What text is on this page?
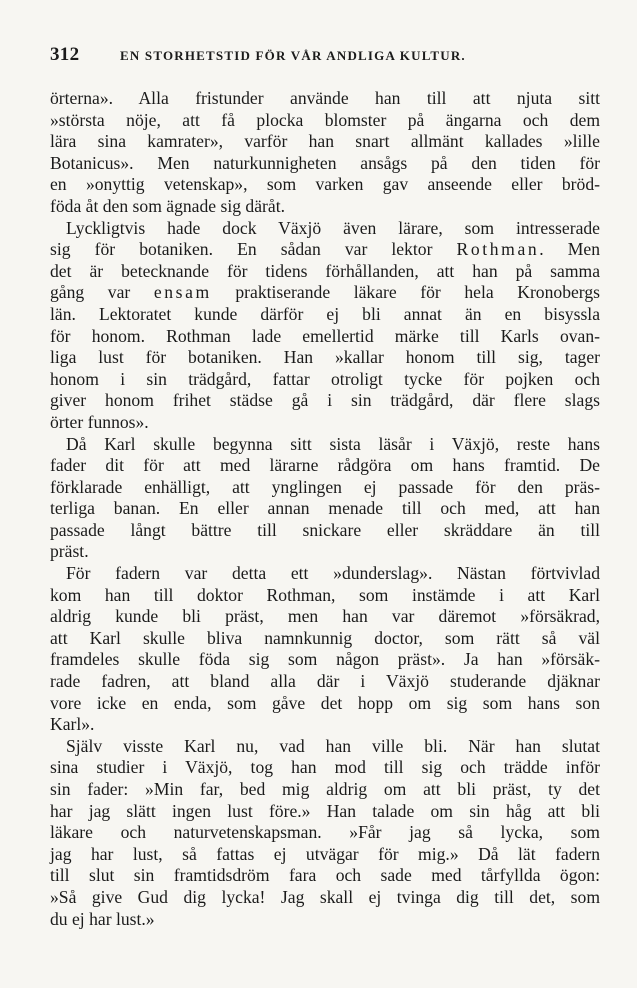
312	EN STORHETSTID FÖR VÅR ANDLIGA KULTUR.
örterna». Alla fristunder använde han till att njuta sitt
»största nöje, att få plocka blomster på ängarna och dem
lära sina kamrater», varför han snart allmänt kallades »lille
Botanicus». Men naturkunnigheten ansågs på den tiden för
en »onyttig vetenskap», som varken gav anseende eller bröd-
föda åt den som ägnade sig däråt.
Lyckligtvis hade dock Växjö även lärare, som intresserade
sig för botaniken. En sådan var lektor Rothman. Men
det är betecknande för tidens förhållanden, att han på samma
gång var ensam praktiserande läkare för hela Kronobergs
län. Lektoratet kunde därför ej bli annat än en bisyssla
för honom. Rothman lade emellertid märke till Karls ovan-
liga lust för botaniken. Han »kallar honom till sig, tager
honom i sin trädgård, fattar otroligt tycke för pojken och
giver honom frihet städse gå i sin trädgård, där flere slags
örter funnos».
Då Karl skulle begynna sitt sista läsår i Växjö, reste hans
fader dit för att med lärarne rådgöra om hans framtid. De
förklarade enhälligt, att ynglingen ej passade för den präs-
terliga banan. En eller annan menade till och med, att han
passade långt bättre till snickare eller skräddare än till
präst.
För fadern var detta ett »dunderslag». Nästan förtvivlad
kom han till doktor Rothman, som instämde i att Karl
aldrig kunde bli präst, men han var däremot »försäkrad,
att Karl skulle bliva namnkunnig doctor, som rätt så väl
framdeles skulle föda sig som någon präst». Ja han »försäk-
rade fadren, att bland alla där i Växjö studerande djäknar
vore icke en enda, som gåve det hopp om sig som hans son
Karl».
Själv visste Karl nu, vad han ville bli. När han slutat
sina studier i Växjö, tog han mod till sig och trädde inför
sin fader: »Min far, bed mig aldrig om att bli präst, ty det
har jag slätt ingen lust före.» Han talade om sin håg att bli
läkare och naturvetenskapsman. »Får jag så lycka, som
jag har lust, så fattas ej utvägar för mig.» Då lät fadern
till slut sin framtidsdröm fara och sade med tårfyllda ögon:
»Så give Gud dig lycka! Jag skall ej tvinga dig till det, som
du ej har lust.»
